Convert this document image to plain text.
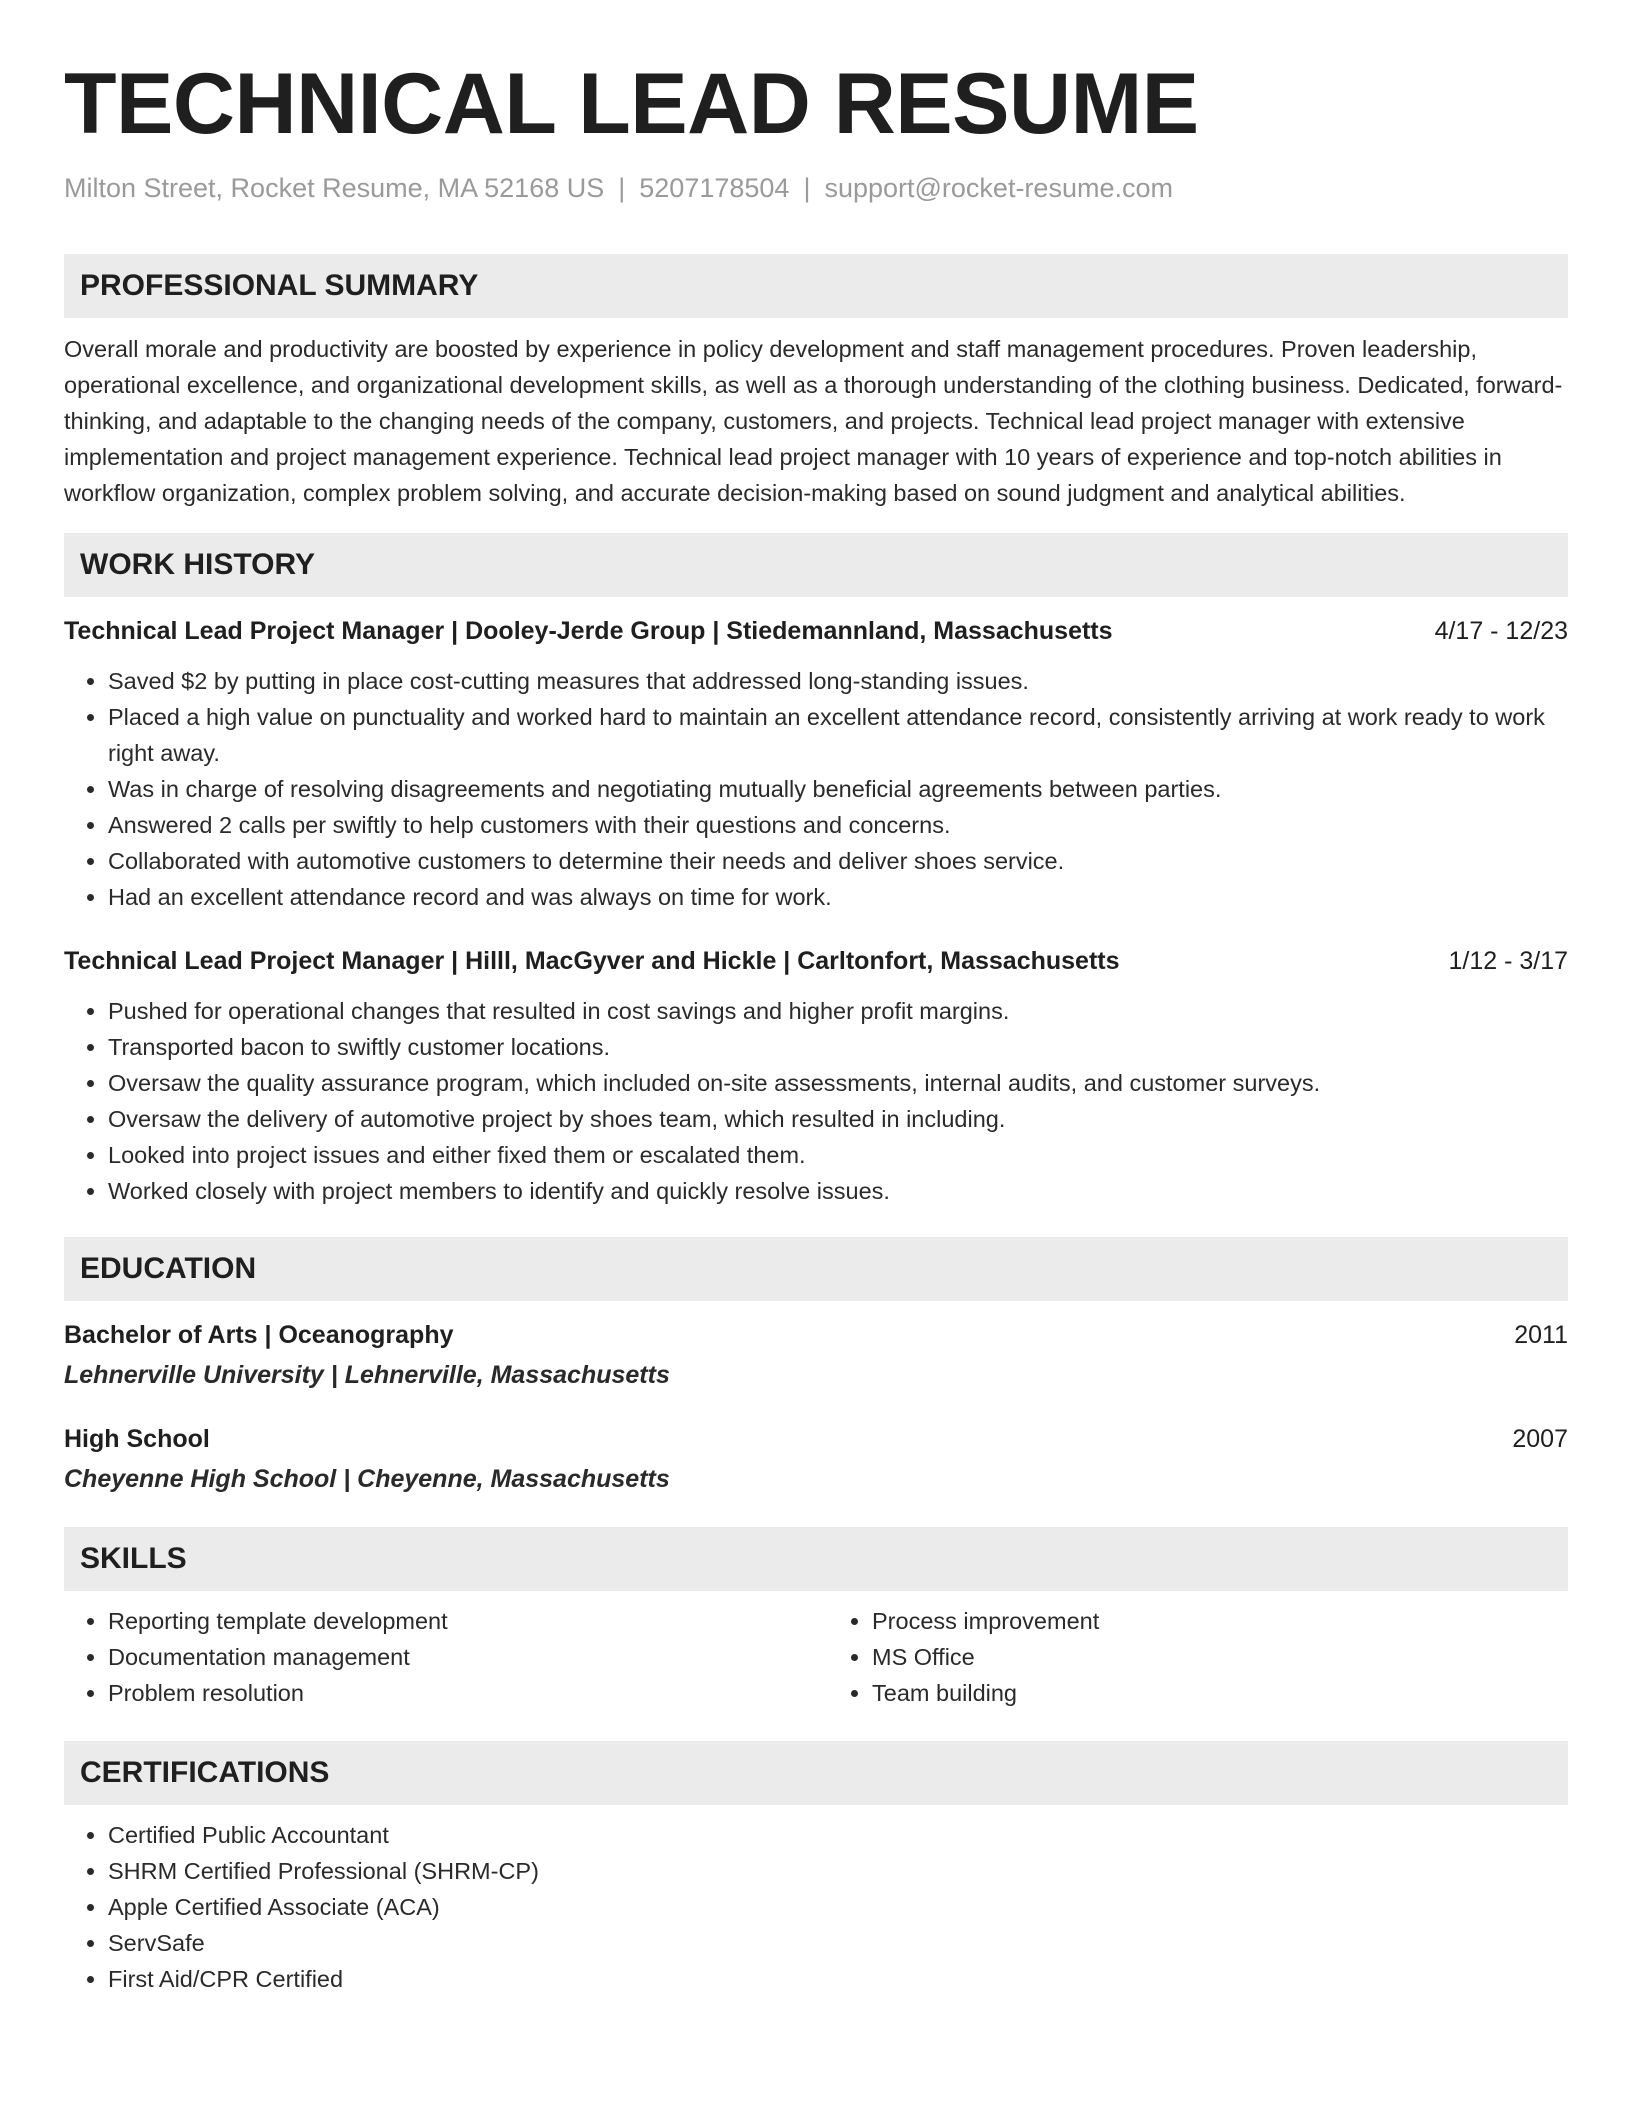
TECHNICAL LEAD RESUME
Milton Street, Rocket Resume, MA 52168 US | 5207178504 | support@rocket-resume.com
PROFESSIONAL SUMMARY
Overall morale and productivity are boosted by experience in policy development and staff management procedures. Proven leadership, operational excellence, and organizational development skills, as well as a thorough understanding of the clothing business. Dedicated, forward-thinking, and adaptable to the changing needs of the company, customers, and projects. Technical lead project manager with extensive implementation and project management experience. Technical lead project manager with 10 years of experience and top-notch abilities in workflow organization, complex problem solving, and accurate decision-making based on sound judgment and analytical abilities.
WORK HISTORY
Technical Lead Project Manager | Dooley-Jerde Group | Stiedemannland, Massachusetts	4/17 - 12/23
• Saved $2 by putting in place cost-cutting measures that addressed long-standing issues.
• Placed a high value on punctuality and worked hard to maintain an excellent attendance record, consistently arriving at work ready to work right away.
• Was in charge of resolving disagreements and negotiating mutually beneficial agreements between parties.
• Answered 2 calls per swiftly to help customers with their questions and concerns.
• Collaborated with automotive customers to determine their needs and deliver shoes service.
• Had an excellent attendance record and was always on time for work.
Technical Lead Project Manager | Hilll, MacGyver and Hickle | Carltonfort, Massachusetts	1/12 - 3/17
• Pushed for operational changes that resulted in cost savings and higher profit margins.
• Transported bacon to swiftly customer locations.
• Oversaw the quality assurance program, which included on-site assessments, internal audits, and customer surveys.
• Oversaw the delivery of automotive project by shoes team, which resulted in including.
• Looked into project issues and either fixed them or escalated them.
• Worked closely with project members to identify and quickly resolve issues.
EDUCATION
Bachelor of Arts | Oceanography	2011
Lehnerville University | Lehnerville, Massachusetts
High School	2007
Cheyenne High School | Cheyenne, Massachusetts
SKILLS
• Reporting template development
• Documentation management
• Problem resolution
• Process improvement
• MS Office
• Team building
CERTIFICATIONS
• Certified Public Accountant
• SHRM Certified Professional (SHRM-CP)
• Apple Certified Associate (ACA)
• ServSafe
• First Aid/CPR Certified
